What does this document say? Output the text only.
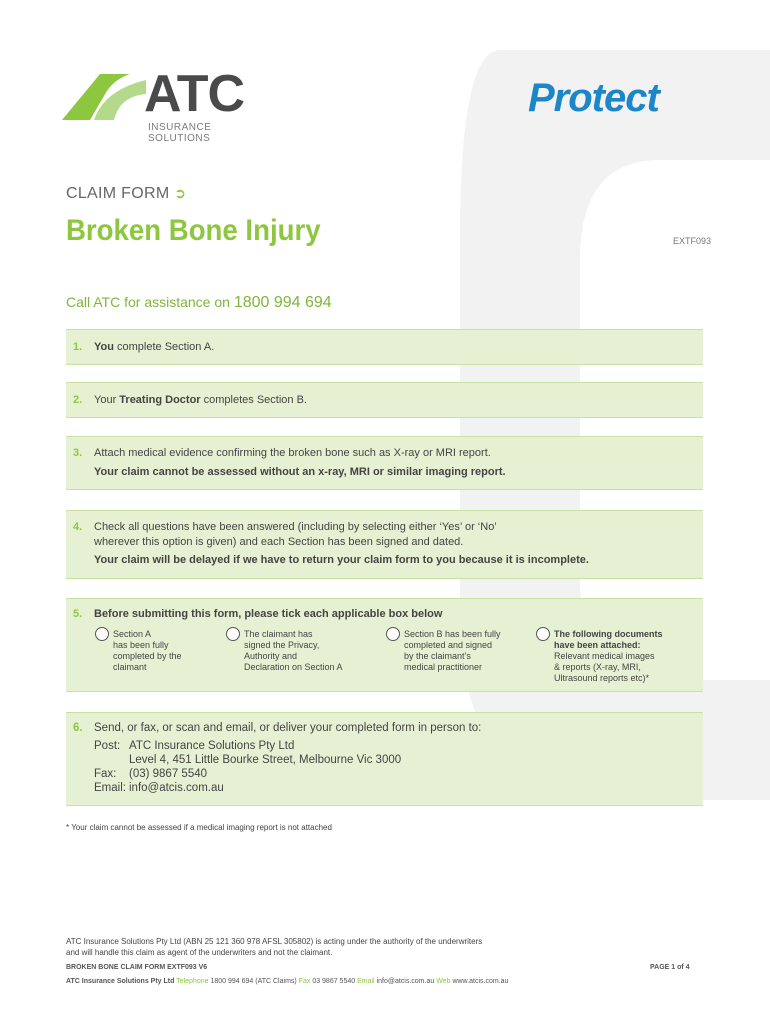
ATC
INSURANCE SOLUTIONS
Protect
CLAIM FORM ➲
Broken Bone Injury	EXTF093
Call ATC for assistance on 1800 994 694
1. You complete Section A.
2. Your Treating Doctor completes Section B.
3. Attach medical evidence confirming the broken bone such as X-ray or MRI report.
Your claim cannot be assessed without an x-ray, MRI or similar imaging report.
4. Check all questions have been answered (including by selecting either ‘Yes’ or ‘No’
wherever this option is given) and each Section has been signed and dated.
Your claim will be delayed if we have to return your claim form to you because it is incomplete.
5. Before submitting this form, please tick each applicable box below
Section A
has been fully
completed by the
claimant
The claimant has
signed the Privacy,
Authority and
Declaration on Section A
Section B has been fully
completed and signed
by the claimant’s
medical practitioner
The following documents
have been attached:
Relevant medical images
& reports (X-ray, MRI,
Ultrasound reports etc)*
6. Send, or fax, or scan and email, or deliver your completed form in person to:
Post: ATC Insurance Solutions Pty Ltd
Level 4, 451 Little Bourke Street, Melbourne Vic 3000
Fax: (03) 9867 5540
Email: info@atcis.com.au
* Your claim cannot be assessed if a medical imaging report is not attached
ATC Insurance Solutions Pty Ltd (ABN 25 121 360 978 AFSL 305802) is acting under the authority of the underwriters
and will handle this claim as agent of the underwriters and not the claimant.
BROKEN BONE CLAIM FORM EXTF093 V6	PAGE 1 of 4
ATC Insurance Solutions Pty Ltd Telephone 1800 994 694 (ATC Claims) Fax 03 9867 5540 Email info@atcis.com.au Web www.atcis.com.au
